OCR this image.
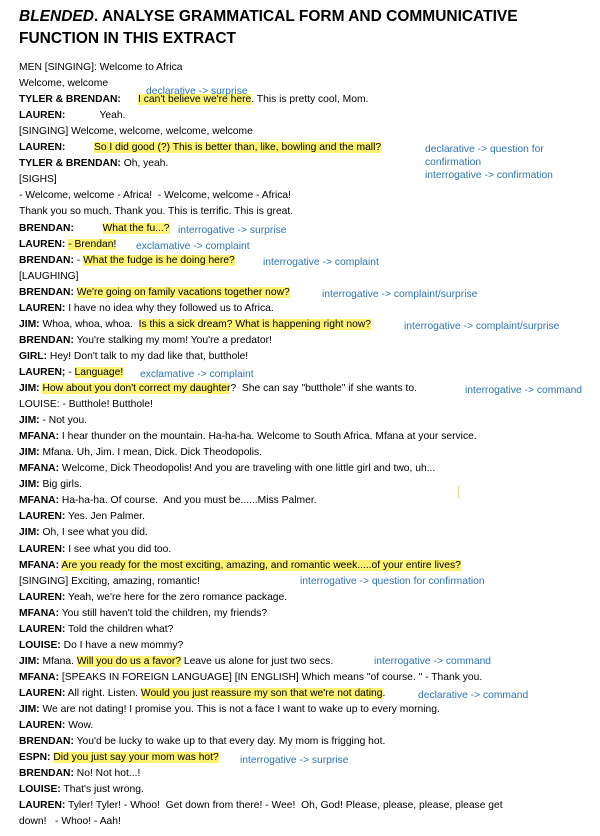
BLENDED. ANALYSE GRAMMATICAL FORM AND COMMUNICATIVE FUNCTION IN THIS EXTRACT
MEN [SINGING]: Welcome to Africa
Welcome, welcome
TYLER & BRENDAN: I can't believe we're here. This is pretty cool, Mom.
LAUREN:            Yeah.
[SINGING] Welcome, welcome, welcome, welcome
LAUREN:	So I did good (?) This is better than, like, bowling and the mall?
TYLER & BRENDAN: Oh, yeah.
[SIGHS]
- Welcome, welcome - Africa!  - Welcome, welcome - Africa!
Thank you so much. Thank you. This is terrific. This is great.
BRENDAN:	What the fu...?
LAUREN: - Brendan!
BRENDAN: - What the fudge is he doing here?
[LAUGHING]
BRENDAN: We're going on family vacations together now?
LAUREN: I have no idea why they followed us to Africa.
JIM: Whoa, whoa, whoa.  Is this a sick dream? What is happening right now?
BRENDAN: You're stalking my mom! You're a predator!
GIRL: Hey! Don't talk to my dad like that, butthole!
LAUREN; - Language!
JIM: How about you don't correct my daughter?  She can say "butthole" if she wants to.
LOUISE: - Butthole! Butthole!
JIM: - Not you.
MFANA: I hear thunder on the mountain. Ha-ha-ha. Welcome to South Africa. Mfana at your service.
JIM: Mfana. Uh, Jim. I mean, Dick. Dick Theodopolis.
MFANA: Welcome, Dick Theodopolis! And you are traveling with one little girl and two, uh...
JIM: Big girls.
MFANA: Ha-ha-ha. Of course.  And you must be......Miss Palmer.
LAUREN: Yes. Jen Palmer.
JIM: Oh, I see what you did.
LAUREN: I see what you did too.
MFANA: Are you ready for the most exciting, amazing, and romantic week.....of your entire lives?
[SINGING] Exciting, amazing, romantic!
LAUREN: Yeah, we're here for the zero romance package.
MFANA: You still haven't told the children, my friends?
LAUREN: Told the children what?
LOUISE: Do I have a new mommy?
JIM: Mfana. Will you do us a favor? Leave us alone for just two secs.
MFANA: [SPEAKS IN FOREIGN LANGUAGE] [IN ENGLISH] Which means "of course. " - Thank you.
LAUREN: All right. Listen. Would you just reassure my son that we're not dating.
JIM: We are not dating! I promise you. This is not a face I want to wake up to every morning.
LAUREN: Wow.
BRENDAN: You'd be lucky to wake up to that every day. My mom is frigging hot.
ESPN: Did you just say your mom was hot?
BRENDAN: No! Not hot...!
LOUISE: That's just wrong.
LAUREN: Tyler! Tyler! - Whoo!  Get down from there! - Wee!  Oh, God! Please, please, please, please get
down!   - Whoo! - Aah!
declarative -> surprise
declarative -> question for confirmation
interrogative -> confirmation
interrogative -> surprise
exclamative -> complaint
interrogative -> complaint
interrogative -> complaint/surprise
interrogative -> complaint/surprise
exclamative -> complaint
interrogative -> command
interrogative -> question for confirmation
interrogative -> command
declarative -> command
interrogative -> surprise
